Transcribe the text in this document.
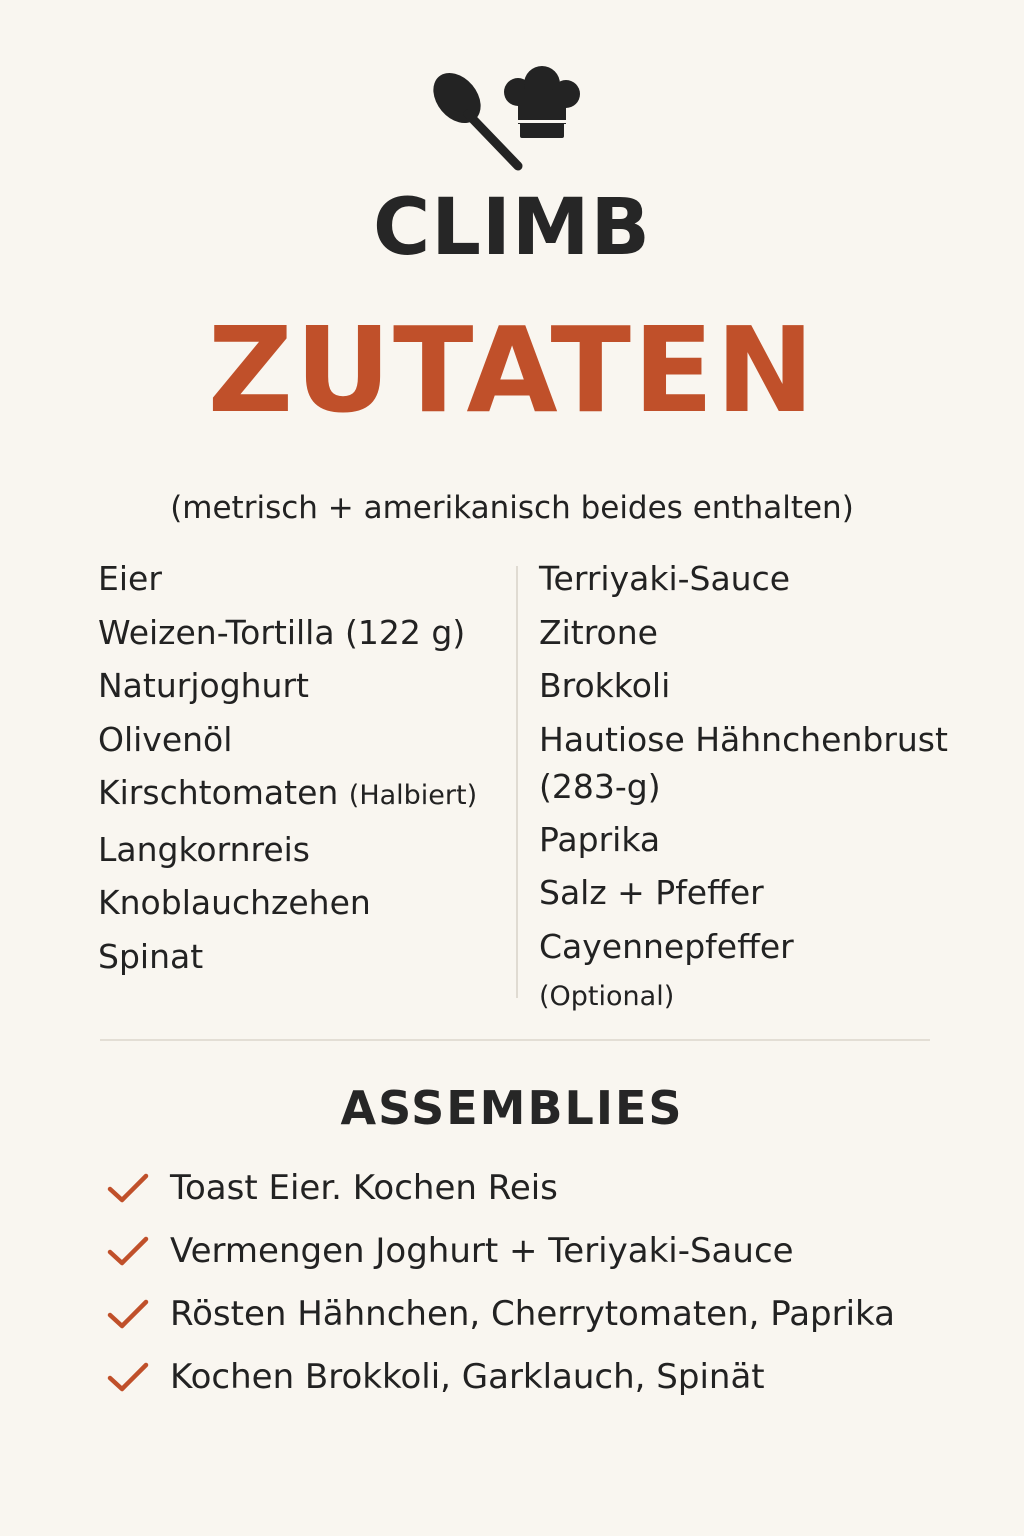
CLIMB
ZUTATEN
(metrisch + amerikanisch beides enthalten)
Eier
Weizen-Tortilla (122 g)
Naturjoghurt
Olivenöl
Kirschtomaten (Halbiert)
Langkornreis
Knoblauchzehen
Spinat
Terriyaki-Sauce
Zitrone
Brokkoli
Hautiose Hähnchenbrust
(283-g)
Paprika
Salz + Pfeffer
Cayennepfeffer
(Optional)
ASSEMBLIES
Toast Eier. Kochen Reis
Vermengen Joghurt + Teriyaki-Sauce
Rösten Hähnchen, Cherrytomaten, Paprika
Kochen Brokkoli, Garklauch, Spinät
